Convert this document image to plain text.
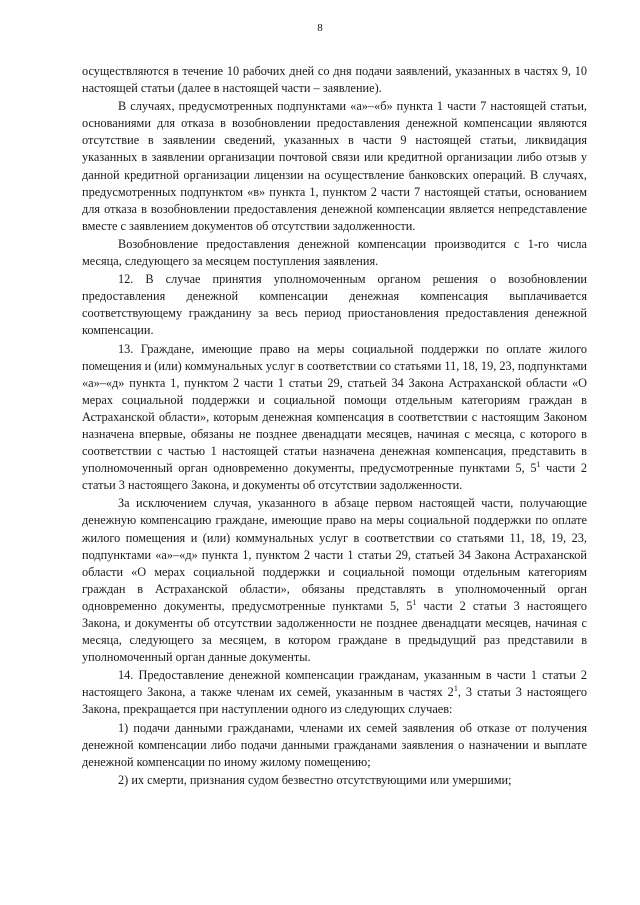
8

осуществляются в течение 10 рабочих дней со дня подачи заявлений, указанных в частях 9, 10 настоящей статьи (далее в настоящей части – заявление).

В случаях, предусмотренных подпунктами «а»–«б» пункта 1 части 7 настоящей статьи, основаниями для отказа в возобновлении предоставления денежной компенсации являются отсутствие в заявлении сведений, указанных в части 9 настоящей статьи, ликвидация указанных в заявлении организации почтовой связи или кредитной организации либо отзыв у данной кредитной организации лицензии на осуществление банковских операций. В случаях, предусмотренных подпунктом «в» пункта 1, пунктом 2 части 7 настоящей статьи, основанием для отказа в возобновлении предоставления денежной компенсации является непредставление вместе с заявлением документов об отсутствии задолженности.

Возобновление предоставления денежной компенсации производится с 1-го числа месяца, следующего за месяцем поступления заявления.

12. В случае принятия уполномоченным органом решения о возобновлении предоставления денежной компенсации денежная компенсация выплачивается соответствующему гражданину за весь период приостановления предоставления денежной компенсации.

13. Граждане, имеющие право на меры социальной поддержки по оплате жилого помещения и (или) коммунальных услуг в соответствии со статьями 11, 18, 19, 23, подпунктами «а»–«д» пункта 1, пунктом 2 части 1 статьи 29, статьей 34 Закона Астраханской области «О мерах социальной поддержки и социальной помощи отдельным категориям граждан в Астраханской области», которым денежная компенсация в соответствии с настоящим Законом назначена впервые, обязаны не позднее двенадцати месяцев, начиная с месяца, с которого в соответствии с частью 1 настоящей статьи назначена денежная компенсация, представить в уполномоченный орган одновременно документы, предусмотренные пунктами 5, $5^1$ части 2 статьи 3 настоящего Закона, и документы об отсутствии задолженности.

За исключением случая, указанного в абзаце первом настоящей части, получающие денежную компенсацию граждане, имеющие право на меры социальной поддержки по оплате жилого помещения и (или) коммунальных услуг в соответствии со статьями 11, 18, 19, 23, подпунктами «а»–«д» пункта 1, пунктом 2 части 1 статьи 29, статьей 34 Закона Астраханской области «О мерах социальной поддержки и социальной помощи отдельным категориям граждан в Астраханской области», обязаны представлять в уполномоченный орган одновременно документы, предусмотренные пунктами 5, $5^1$ части 2 статьи 3 настоящего Закона, и документы об отсутствии задолженности не позднее двенадцати месяцев, начиная с месяца, следующего за месяцем, в котором граждане в предыдущий раз представили в уполномоченный орган данные документы.

14. Предоставление денежной компенсации гражданам, указанным в части 1 статьи 2 настоящего Закона, а также членам их семей, указанным в частях $2^1$, 3 статьи 3 настоящего Закона, прекращается при наступлении одного из следующих случаев:

1) подачи данными гражданами, членами их семей заявления об отказе от получения денежной компенсации либо подачи данными гражданами заявления о назначении и выплате денежной компенсации по иному жилому помещению;

2) их смерти, признания судом безвестно отсутствующими или умершими;
